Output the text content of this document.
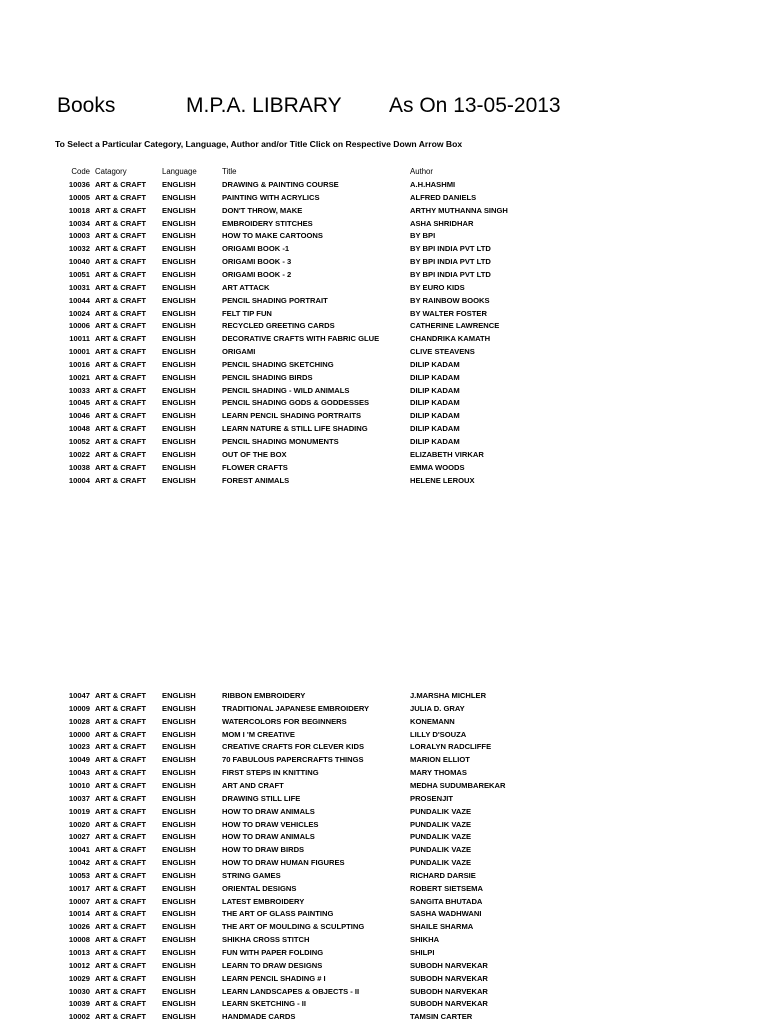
Books	M.P.A. LIBRARY As On 13-05-2013
To Select a Particular Category, Language, Author and/or Title Click on Respective Down Arrow Box
Code Catagory	Language	Title	Author
10036 ART & CRAFT ENGLISH	DRAWING & PAINTING COURSE	A.H.HASHMI
10005 ART & CRAFT ENGLISH	PAINTING WITH ACRYLICS	ALFRED DANIELS
10018 ART & CRAFT ENGLISH	DON'T THROW, MAKE	ARTHY MUTHANNA SINGH
10034 ART & CRAFT ENGLISH	EMBROIDERY STITCHES	ASHA SHRIDHAR
10003 ART & CRAFT ENGLISH	HOW TO MAKE CARTOONS	BY BPI
10032 ART & CRAFT ENGLISH	ORIGAMI BOOK -1	BY BPI INDIA PVT LTD
10040 ART & CRAFT ENGLISH	ORIGAMI BOOK - 3	BY BPI INDIA PVT LTD
10051 ART & CRAFT ENGLISH	ORIGAMI BOOK - 2	BY BPI INDIA PVT LTD
10031 ART & CRAFT ENGLISH	ART ATTACK	BY EURO KIDS
10044 ART & CRAFT ENGLISH	PENCIL SHADING PORTRAIT	BY RAINBOW BOOKS
10024 ART & CRAFT ENGLISH	FELT TIP FUN	BY WALTER FOSTER
10006 ART & CRAFT ENGLISH	RECYCLED GREETING CARDS	CATHERINE LAWRENCE
10011 ART & CRAFT ENGLISH	DECORATIVE CRAFTS WITH FABRIC GLUE	CHANDRIKA KAMATH
10001 ART & CRAFT ENGLISH	ORIGAMI	CLIVE STEAVENS
10016 ART & CRAFT ENGLISH	PENCIL SHADING SKETCHING	DILIP KADAM
10021 ART & CRAFT ENGLISH	PENCIL SHADING BIRDS	DILIP KADAM
10033 ART & CRAFT ENGLISH	PENCIL SHADING - WILD ANIMALS	DILIP KADAM
10045 ART & CRAFT ENGLISH	PENCIL SHADING GODS & GODDESSES	DILIP KADAM
10046 ART & CRAFT ENGLISH	LEARN PENCIL SHADING PORTRAITS	DILIP KADAM
10048 ART & CRAFT ENGLISH	LEARN NATURE & STILL LIFE SHADING	DILIP KADAM
10052 ART & CRAFT ENGLISH	PENCIL SHADING MONUMENTS	DILIP KADAM
10022 ART & CRAFT ENGLISH	OUT OF THE BOX	ELIZABETH VIRKAR
10038 ART & CRAFT ENGLISH	FLOWER CRAFTS	EMMA WOODS
10004 ART & CRAFT ENGLISH	FOREST ANIMALS	HELENE LEROUX
10047 ART & CRAFT ENGLISH	RIBBON EMBROIDERY	J.MARSHA MICHLER
10009 ART & CRAFT ENGLISH	TRADITIONAL JAPANESE EMBROIDERY	JULIA D. GRAY
10028 ART & CRAFT ENGLISH	WATERCOLORS FOR BEGINNERS	KONEMANN
10000 ART & CRAFT ENGLISH	MOM I 'M CREATIVE	LILLY D'SOUZA
10023 ART & CRAFT ENGLISH	CREATIVE CRAFTS FOR CLEVER KIDS	LORALYN RADCLIFFE
10049 ART & CRAFT ENGLISH	70 FABULOUS PAPERCRAFTS THINGS	MARION ELLIOT
10043 ART & CRAFT ENGLISH	FIRST STEPS IN KNITTING	MARY THOMAS
10010 ART & CRAFT ENGLISH	ART AND CRAFT	MEDHA SUDUMBAREKAR
10037 ART & CRAFT ENGLISH	DRAWING STILL LIFE	PROSENJIT
10019 ART & CRAFT ENGLISH	HOW TO DRAW ANIMALS	PUNDALIK VAZE
10020 ART & CRAFT ENGLISH	HOW TO DRAW VEHICLES	PUNDALIK VAZE
10027 ART & CRAFT ENGLISH	HOW TO DRAW ANIMALS	PUNDALIK VAZE
10041 ART & CRAFT ENGLISH	HOW TO DRAW BIRDS	PUNDALIK VAZE
10042 ART & CRAFT ENGLISH	HOW TO DRAW HUMAN FIGURES	PUNDALIK VAZE
10053 ART & CRAFT ENGLISH	STRING GAMES	RICHARD DARSIE
10017 ART & CRAFT ENGLISH	ORIENTAL DESIGNS	ROBERT SIETSEMA
10007 ART & CRAFT ENGLISH	LATEST EMBROIDERY	SANGITA BHUTADA
10014 ART & CRAFT ENGLISH	THE ART OF GLASS PAINTING	SASHA WADHWANI
10026 ART & CRAFT ENGLISH	THE ART OF MOULDING & SCULPTING	SHAILE SHARMA
10008 ART & CRAFT ENGLISH	SHIKHA CROSS STITCH	SHIKHA
10013 ART & CRAFT ENGLISH	FUN WITH PAPER FOLDING	SHILPI
10012 ART & CRAFT ENGLISH	LEARN TO DRAW DESIGNS	SUBODH NARVEKAR
10029 ART & CRAFT ENGLISH	LEARN PENCIL SHADING # I	SUBODH NARVEKAR
10030 ART & CRAFT ENGLISH	LEARN LANDSCAPES & OBJECTS - II	SUBODH NARVEKAR
10039 ART & CRAFT ENGLISH	LEARN SKETCHING - II	SUBODH NARVEKAR
10002 ART & CRAFT ENGLISH	HANDMADE CARDS	TAMSIN CARTER
